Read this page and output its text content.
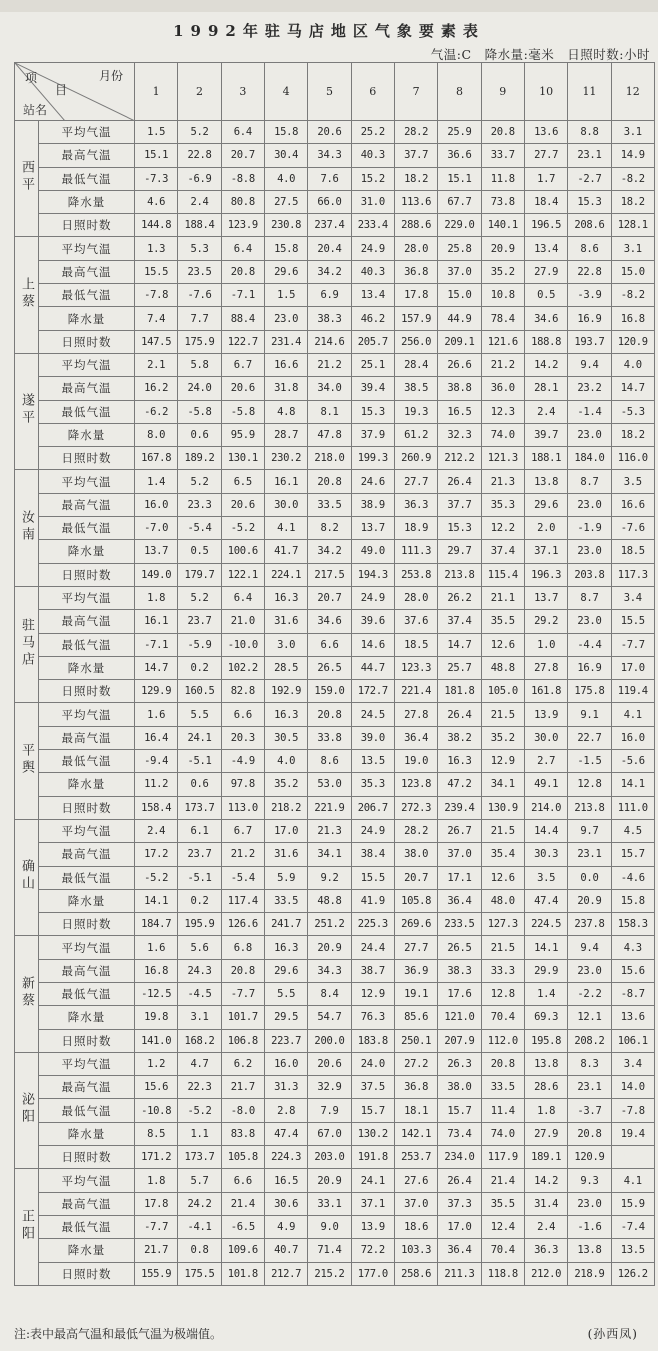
1992年驻马店地区气象要素表
气温:C　降水量:毫米　日照时数:小时
项
目
月份
站名		1	2	3	4	5	6	7	8	9	10	11	12
西平	平均气温	1.5	5.2	6.4	15.8	20.6	25.2	28.2	25.9	20.8	13.6	8.8	3.1
	最高气温	15.1	22.8	20.7	30.4	34.3	40.3	37.7	36.6	33.7	27.7	23.1	14.9
	最低气温	-7.3	-6.9	-8.8	4.0	7.6	15.2	18.2	15.1	11.8	1.7	-2.7	-8.2
	降水量	4.6	2.4	80.8	27.5	66.0	31.0	113.6	67.7	73.8	18.4	15.3	18.2
	日照时数	144.8	188.4	123.9	230.8	237.4	233.4	288.6	229.0	140.1	196.5	208.6	128.1
上蔡	平均气温	1.3	5.3	6.4	15.8	20.4	24.9	28.0	25.8	20.9	13.4	8.6	3.1
	最高气温	15.5	23.5	20.8	29.6	34.2	40.3	36.8	37.0	35.2	27.9	22.8	15.0
	最低气温	-7.8	-7.6	-7.1	1.5	6.9	13.4	17.8	15.0	10.8	0.5	-3.9	-8.2
	降水量	7.4	7.7	88.4	23.0	38.3	46.2	157.9	44.9	78.4	34.6	16.9	16.8
	日照时数	147.5	175.9	122.7	231.4	214.6	205.7	256.0	209.1	121.6	188.8	193.7	120.9
遂平	平均气温	2.1	5.8	6.7	16.6	21.2	25.1	28.4	26.6	21.2	14.2	9.4	4.0
	最高气温	16.2	24.0	20.6	31.8	34.0	39.4	38.5	38.8	36.0	28.1	23.2	14.7
	最低气温	-6.2	-5.8	-5.8	4.8	8.1	15.3	19.3	16.5	12.3	2.4	-1.4	-5.3
	降水量	8.0	0.6	95.9	28.7	47.8	37.9	61.2	32.3	74.0	39.7	23.0	18.2
	日照时数	167.8	189.2	130.1	230.2	218.0	199.3	260.9	212.2	121.3	188.1	184.0	116.0
汝南	平均气温	1.4	5.2	6.5	16.1	20.8	24.6	27.7	26.4	21.3	13.8	8.7	3.5
	最高气温	16.0	23.3	20.6	30.0	33.5	38.9	36.3	37.7	35.3	29.6	23.0	16.6
	最低气温	-7.0	-5.4	-5.2	4.1	8.2	13.7	18.9	15.3	12.2	2.0	-1.9	-7.6
	降水量	13.7	0.5	100.6	41.7	34.2	49.0	111.3	29.7	37.4	37.1	23.0	18.5
	日照时数	149.0	179.7	122.1	224.1	217.5	194.3	253.8	213.8	115.4	196.3	203.8	117.3
驻马店	平均气温	1.8	5.2	6.4	16.3	20.7	24.9	28.0	26.2	21.1	13.7	8.7	3.4
	最高气温	16.1	23.7	21.0	31.6	34.6	39.6	37.6	37.4	35.5	29.2	23.0	15.5
	最低气温	-7.1	-5.9	-10.0	3.0	6.6	14.6	18.5	14.7	12.6	1.0	-4.4	-7.7
	降水量	14.7	0.2	102.2	28.5	26.5	44.7	123.3	25.7	48.8	27.8	16.9	17.0
	日照时数	129.9	160.5	82.8	192.9	159.0	172.7	221.4	181.8	105.0	161.8	175.8	119.4
平舆	平均气温	1.6	5.5	6.6	16.3	20.8	24.5	27.8	26.4	21.5	13.9	9.1	4.1
	最高气温	16.4	24.1	20.3	30.5	33.8	39.0	36.4	38.2	35.2	30.0	22.7	16.0
	最低气温	-9.4	-5.1	-4.9	4.0	8.6	13.5	19.0	16.3	12.9	2.7	-1.5	-5.6
	降水量	11.2	0.6	97.8	35.2	53.0	35.3	123.8	47.2	34.1	49.1	12.8	14.1
	日照时数	158.4	173.7	113.0	218.2	221.9	206.7	272.3	239.4	130.9	214.0	213.8	111.0
确山	平均气温	2.4	6.1	6.7	17.0	21.3	24.9	28.2	26.7	21.5	14.4	9.7	4.5
	最高气温	17.2	23.7	21.2	31.6	34.1	38.4	38.0	37.0	35.4	30.3	23.1	15.7
	最低气温	-5.2	-5.1	-5.4	5.9	9.2	15.5	20.7	17.1	12.6	3.5	0.0	-4.6
	降水量	14.1	0.2	117.4	33.5	48.8	41.9	105.8	36.4	48.0	47.4	20.9	15.8
	日照时数	184.7	195.9	126.6	241.7	251.2	225.3	269.6	233.5	127.3	224.5	237.8	158.3
新蔡	平均气温	1.6	5.6	6.8	16.3	20.9	24.4	27.7	26.5	21.5	14.1	9.4	4.3
	最高气温	16.8	24.3	20.8	29.6	34.3	38.7	36.9	38.3	33.3	29.9	23.0	15.6
	最低气温	-12.5	-4.5	-7.7	5.5	8.4	12.9	19.1	17.6	12.8	1.4	-2.2	-8.7
	降水量	19.8	3.1	101.7	29.5	54.7	76.3	85.6	121.0	70.4	69.3	12.1	13.6
	日照时数	141.0	168.2	106.8	223.7	200.0	183.8	250.1	207.9	112.0	195.8	208.2	106.1
泌阳	平均气温	1.2	4.7	6.2	16.0	20.6	24.0	27.2	26.3	20.8	13.8	8.3	3.4
	最高气温	15.6	22.3	21.7	31.3	32.9	37.5	36.8	38.0	33.5	28.6	23.1	14.0
	最低气温	-10.8	-5.2	-8.0	2.8	7.9	15.7	18.1	15.7	11.4	1.8	-3.7	-7.8
	降水量	8.5	1.1	83.8	47.4	67.0	130.2	142.1	73.4	74.0	27.9	20.8	19.4
	日照时数	171.2	173.7	105.8	224.3	203.0	191.8	253.7	234.0	117.9	189.1	120.9	
正阳	平均气温	1.8	5.7	6.6	16.5	20.9	24.1	27.6	26.4	21.4	14.2	9.3	4.1
	最高气温	17.8	24.2	21.4	30.6	33.1	37.1	37.0	37.3	35.5	31.4	23.0	15.9
	最低气温	-7.7	-4.1	-6.5	4.9	9.0	13.9	18.6	17.0	12.4	2.4	-1.6	-7.4
	降水量	21.7	0.8	109.6	40.7	71.4	72.2	103.3	36.4	70.4	36.3	13.8	13.5
	日照时数	155.9	175.5	101.8	212.7	215.2	177.0	258.6	211.3	118.8	212.0	218.9	126.2
注:表中最高气温和最低气温为极端值。	(孙西凤)
